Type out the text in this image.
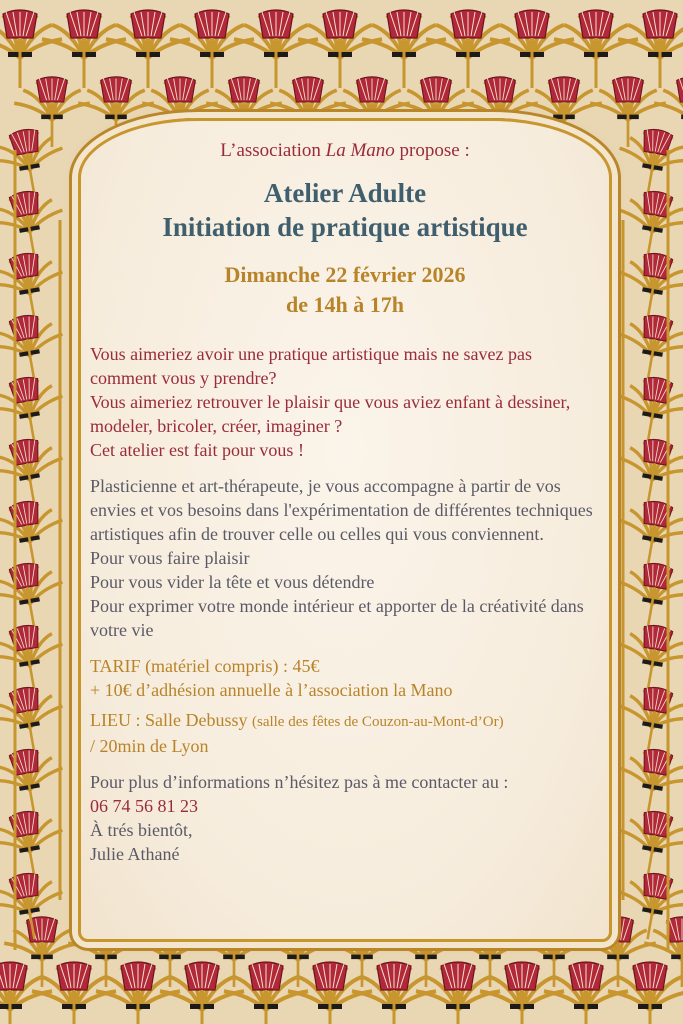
L’association La Mano propose :

Atelier Adulte

Initiation de pratique artistique

Dimanche 22 février 2026
de 14h à 17h

Vous aimeriez avoir une pratique artistique mais ne savez pas comment vous y prendre?

Vous aimeriez retrouver le plaisir que vous aviez enfant à dessiner, modeler, bricoler, créer, imaginer ?

Cet atelier est fait pour vous !

Plasticienne et art-thérapeute, je vous accompagne à partir de vos envies et vos besoins dans l'expérimentation de différentes techniques artistiques afin de trouver celle ou celles qui vous conviennent.

Pour vous faire plaisir

Pour vous vider la tête et vous détendre

Pour exprimer votre monde intérieur et apporter de la créativité dans votre vie

TARIF (matériel compris) : 45€

+ 10€ d’adhésion annuelle à l’association la Mano

LIEU : Salle Debussy (salle des fêtes de Couzon-au-Mont-d’Or)

/ 20min de Lyon

Pour plus d’informations n’hésitez pas à me contacter au :

06 74 56 81 23

À trés bientôt,

Julie Athané
